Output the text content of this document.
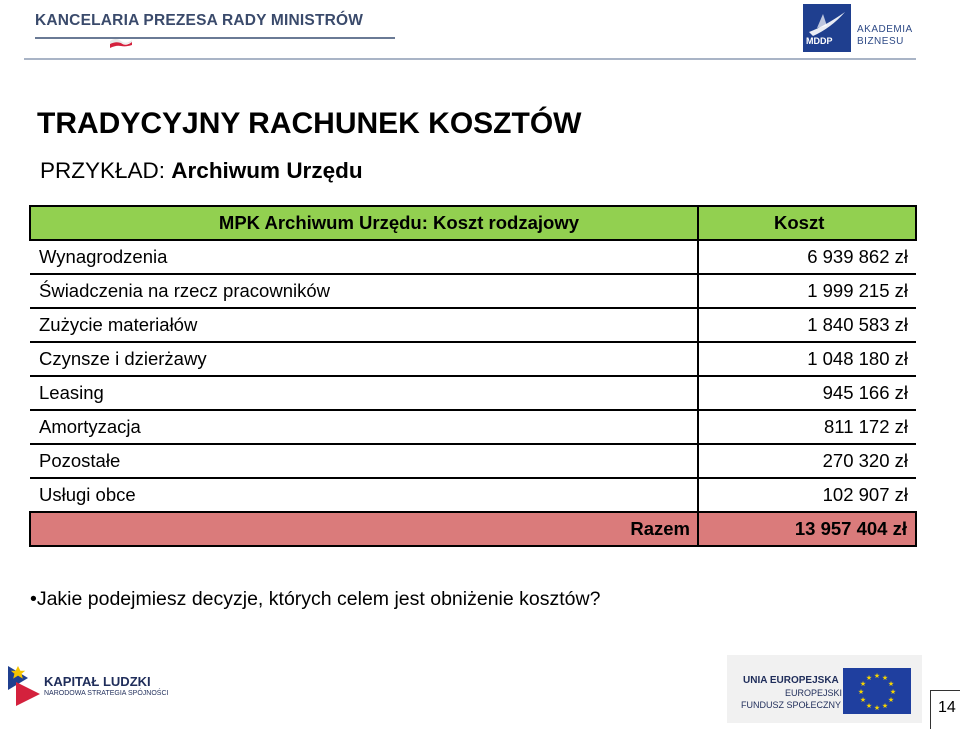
KANCELARIA PREZESA RADY MINISTRÓW
MDDP
AKADEMIA
BIZNESU
TRADYCYJNY RACHUNEK KOSZTÓW
PRZYKŁAD: Archiwum Urzędu
MPK Archiwum Urzędu: Koszt rodzajowy	Koszt
Wynagrodzenia	6 939 862 zł
Świadczenia na rzecz pracowników	1 999 215 zł
Zużycie materiałów	1 840 583 zł
Czynsze i dzierżawy	1 048 180 zł
Leasing	945 166 zł
Amortyzacja	811 172 zł
Pozostałe	270 320 zł
Usługi obce	102 907 zł
Razem	13 957 404 zł
•Jakie podejmiesz decyzje, których celem jest obniżenie kosztów?
KAPITAŁ LUDZKI
NARODOWA STRATEGIA SPÓJNOŚCI
UNIA EUROPEJSKA
EUROPEJSKI
FUNDUSZ SPOŁECZNY
★ ★
★
★
★
★
★
★
★
★
★
★
14
